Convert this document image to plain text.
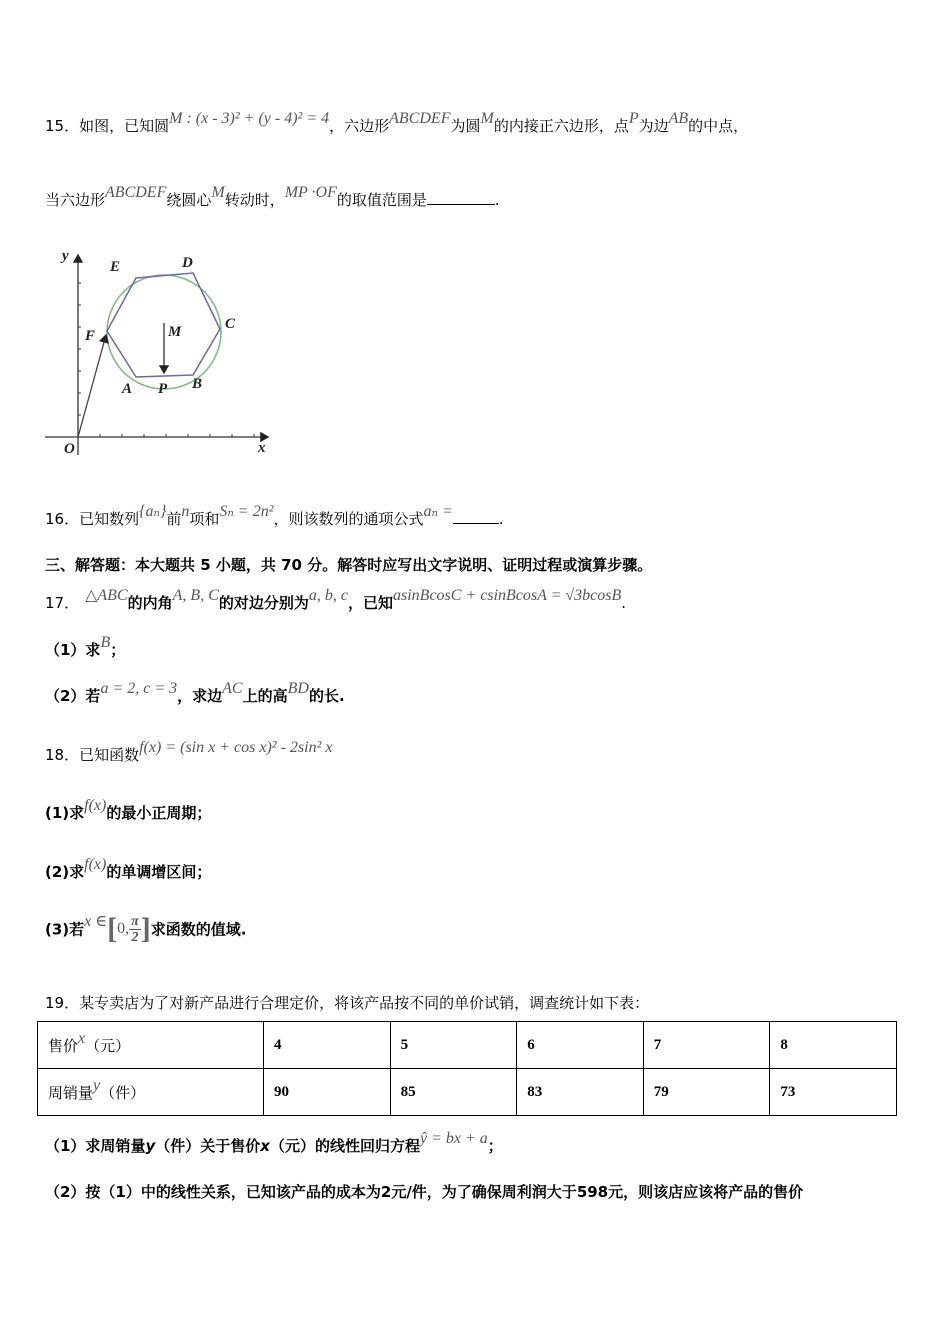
15．如图，已知圆M : (x - 3)² + (y - 4)² = 4，六边形ABCDEF为圆M的内接正六边形，点P为边AB的中点，
当六边形ABCDEF绕圆心M转动时，MP ·OF的取值范围是	.
y
x
O
A	B
C
D
E
F	M
P
16．已知数列{aₙ}前n项和Sₙ = 2n²，则该数列的通项公式aₙ =	.
三、解答题：本大题共 5 小题，共 70 分。解答时应写出文字说明、证明过程或演算步骤。
17． △ABC的内角A, B, C的对边分别为a, b, c，已知asinBcosC + csinBcosA = √3bcosB.
（1）求B；
（2）若a = 2, c = 3，求边AC上的高BD的长.
18．已知函数f(x) = (sin x + cos x)² - 2sin² x
(1)求f(x)的最小正周期；
(2)求f(x)的单调增区间；
(3)若x ∈[0, $\frac{\pi}{2}$ ]求函数的值域.
19．某专卖店为了对新产品进行合理定价，将该产品按不同的单价试销，调查统计如下表：
售价x（元）	4	5	6	7	8
周销量y（件）	90	85	83	79	73
（1）求周销量y（件）关于售价x（元）的线性回归方程ŷ = bx + a；
（2）按（1）中的线性关系，已知该产品的成本为2元/件，为了确保周利润大于598元，则该店应该将产品的售价
